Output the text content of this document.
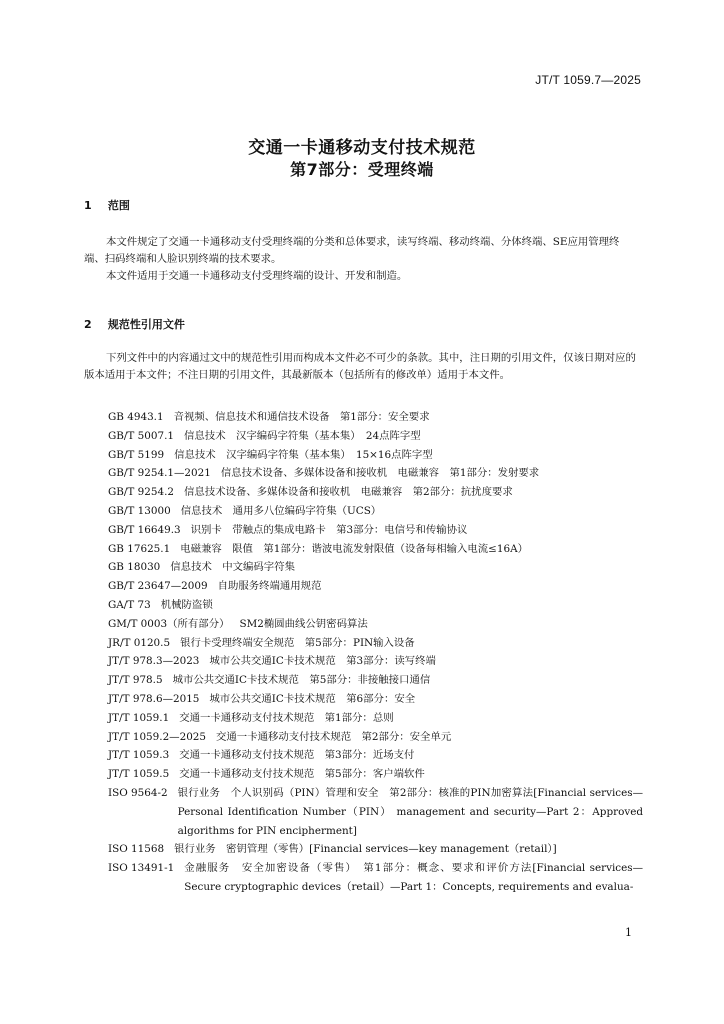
JT/T 1059.7—2025
交通一卡通移动支付技术规范
第7部分：受理终端
1 范围

本文件规定了交通一卡通移动支付受理终端的分类和总体要求，读写终端、移动终端、分体终端、SE应用管理终端、扫码终端和人脸识别终端的技术要求。

本文件适用于交通一卡通移动支付受理终端的设计、开发和制造。

2 规范性引用文件

下列文件中的内容通过文中的规范性引用而构成本文件必不可少的条款。其中，注日期的引用文件，仅该日期对应的版本适用于本文件；不注日期的引用文件，其最新版本（包括所有的修改单）适用于本文件。

GB 4943.1 音视频、信息技术和通信技术设备　第1部分：安全要求
GB/T 5007.1 信息技术　汉字编码字符集（基本集）　24点阵字型
GB/T 5199 信息技术　汉字编码字符集（基本集）　15×16点阵字型
GB/T 9254.1—2021 信息技术设备、多媒体设备和接收机　电磁兼容　第1部分：发射要求
GB/T 9254.2 信息技术设备、多媒体设备和接收机　电磁兼容　第2部分：抗扰度要求
GB/T 13000 信息技术　通用多八位编码字符集（UCS）
GB/T 16649.3 识别卡　带触点的集成电路卡　第3部分：电信号和传输协议
GB 17625.1 电磁兼容　限值　第1部分：谐波电流发射限值（设备每相输入电流≤16A）
GB 18030 信息技术　中文编码字符集
GB/T 23647—2009 自助服务终端通用规范
GA/T 73 机械防盗锁
GM/T 0003（所有部分） SM2椭圆曲线公钥密码算法
JR/T 0120.5 银行卡受理终端安全规范　第5部分：PIN输入设备
JT/T 978.3—2023 城市公共交通IC卡技术规范　第3部分：读写终端
JT/T 978.5 城市公共交通IC卡技术规范　第5部分：非接触接口通信
JT/T 978.6—2015 城市公共交通IC卡技术规范　第6部分：安全
JT/T 1059.1 交通一卡通移动支付技术规范　第1部分：总则
JT/T 1059.2—2025 交通一卡通移动支付技术规范　第2部分：安全单元
JT/T 1059.3 交通一卡通移动支付技术规范　第3部分：近场支付
JT/T 1059.5 交通一卡通移动支付技术规范　第5部分：客户端软件
ISO 9564-2 银行业务　个人识别码（PIN）管理和安全　第2部分：核准的PIN加密算法[Financial services—Personal Identification Number（PIN） management and security—Part 2：Approved algorithms for PIN encipherment]
ISO 11568 银行业务　密钥管理（零售）[Financial services—key management（retail）]
ISO 13491-1 金融服务　安全加密设备（零售）　第1部分：概念、要求和评价方法[Financial services—Secure cryptographic devices（retail）—Part 1：Concepts, requirements and evalua-
1
